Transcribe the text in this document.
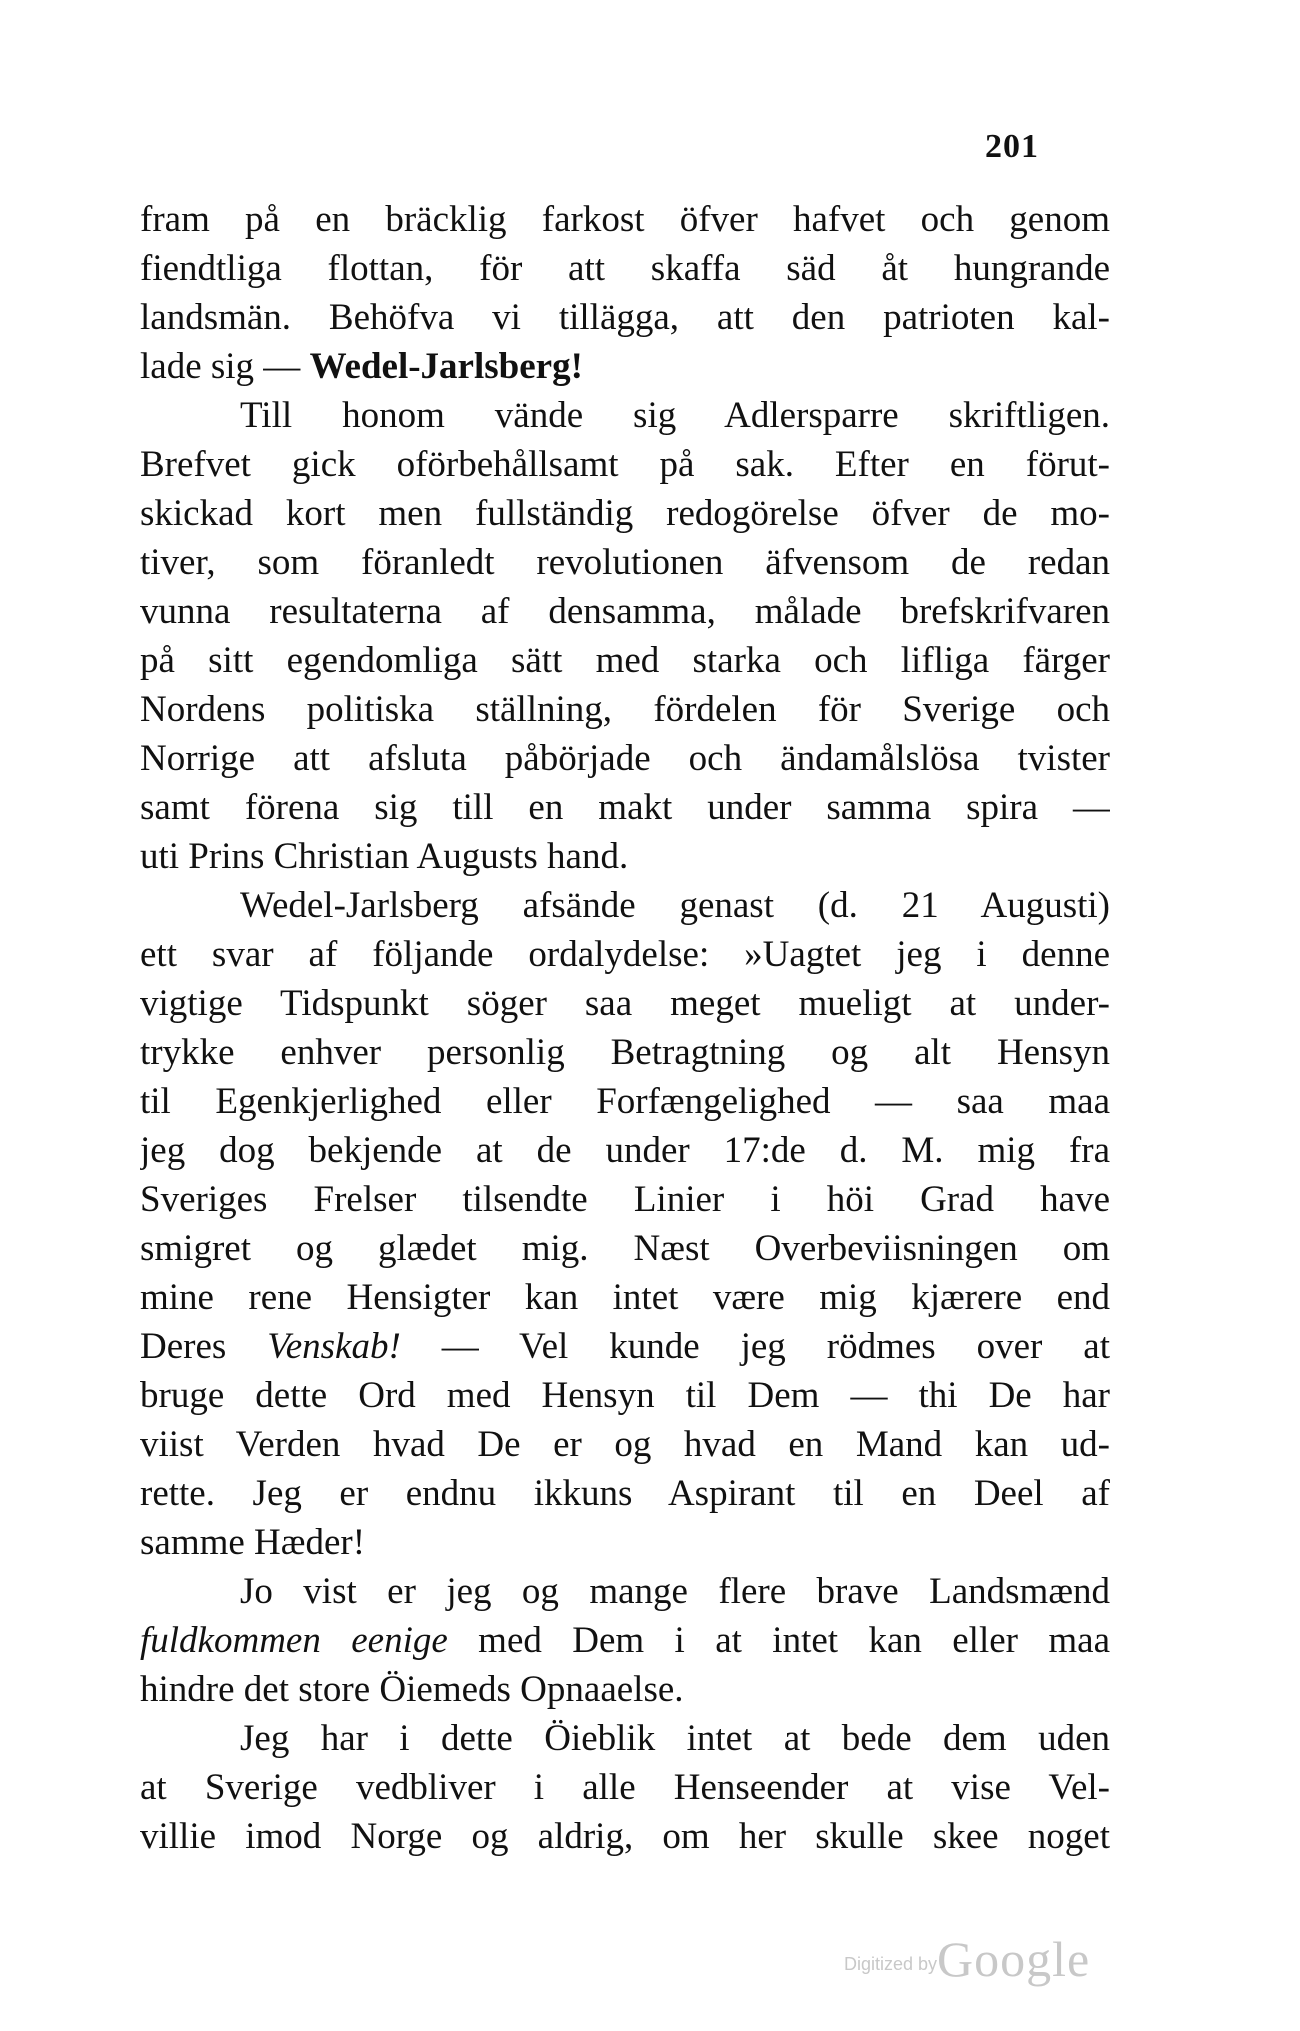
201
fram på en bräcklig farkost öfver hafvet och genom
fiendtliga flottan, för att skaffa säd åt hungrande
landsmän. Behöfva vi tillägga, att den patrioten kal-
lade sig — Wedel-Jarlsberg!
Till honom vände sig Adlersparre skriftligen.
Brefvet gick oförbehållsamt på sak. Efter en förut-
skickad kort men fullständig redogörelse öfver de mo-
tiver, som föranledt revolutionen äfvensom de redan
vunna resultaterna af densamma, målade brefskrifvaren
på sitt egendomliga sätt med starka och lifliga färger
Nordens politiska ställning, fördelen för Sverige och
Norrige att afsluta påbörjade och ändamålslösa tvister
samt förena sig till en makt under samma spira —
uti Prins Christian Augusts hand.
Wedel-Jarlsberg afsände genast (d. 21 Augusti)
ett svar af följande ordalydelse: »Uagtet jeg i denne
vigtige Tidspunkt söger saa meget mueligt at under-
trykke enhver personlig Betragtning og alt Hensyn
til Egenkjerlighed eller Forfængelighed — saa maa
jeg dog bekjende at de under 17:de d. M. mig fra
Sveriges Frelser tilsendte Linier i höi Grad have
smigret og glædet mig. Næst Overbeviisningen om
mine rene Hensigter kan intet være mig kjærere end
Deres Venskab! — Vel kunde jeg rödmes over at
bruge dette Ord med Hensyn til Dem — thi De har
viist Verden hvad De er og hvad en Mand kan ud-
rette. Jeg er endnu ikkuns Aspirant til en Deel af
samme Hæder!
Jo vist er jeg og mange flere brave Landsmænd
fuldkommen eenige med Dem i at intet kan eller maa
hindre det store Öiemeds Opnaaelse.
Jeg har i dette Öieblik intet at bede dem uden
at Sverige vedbliver i alle Henseender at vise Vel-
villie imod Norge og aldrig, om her skulle skee noget
Digitized byGoogle
